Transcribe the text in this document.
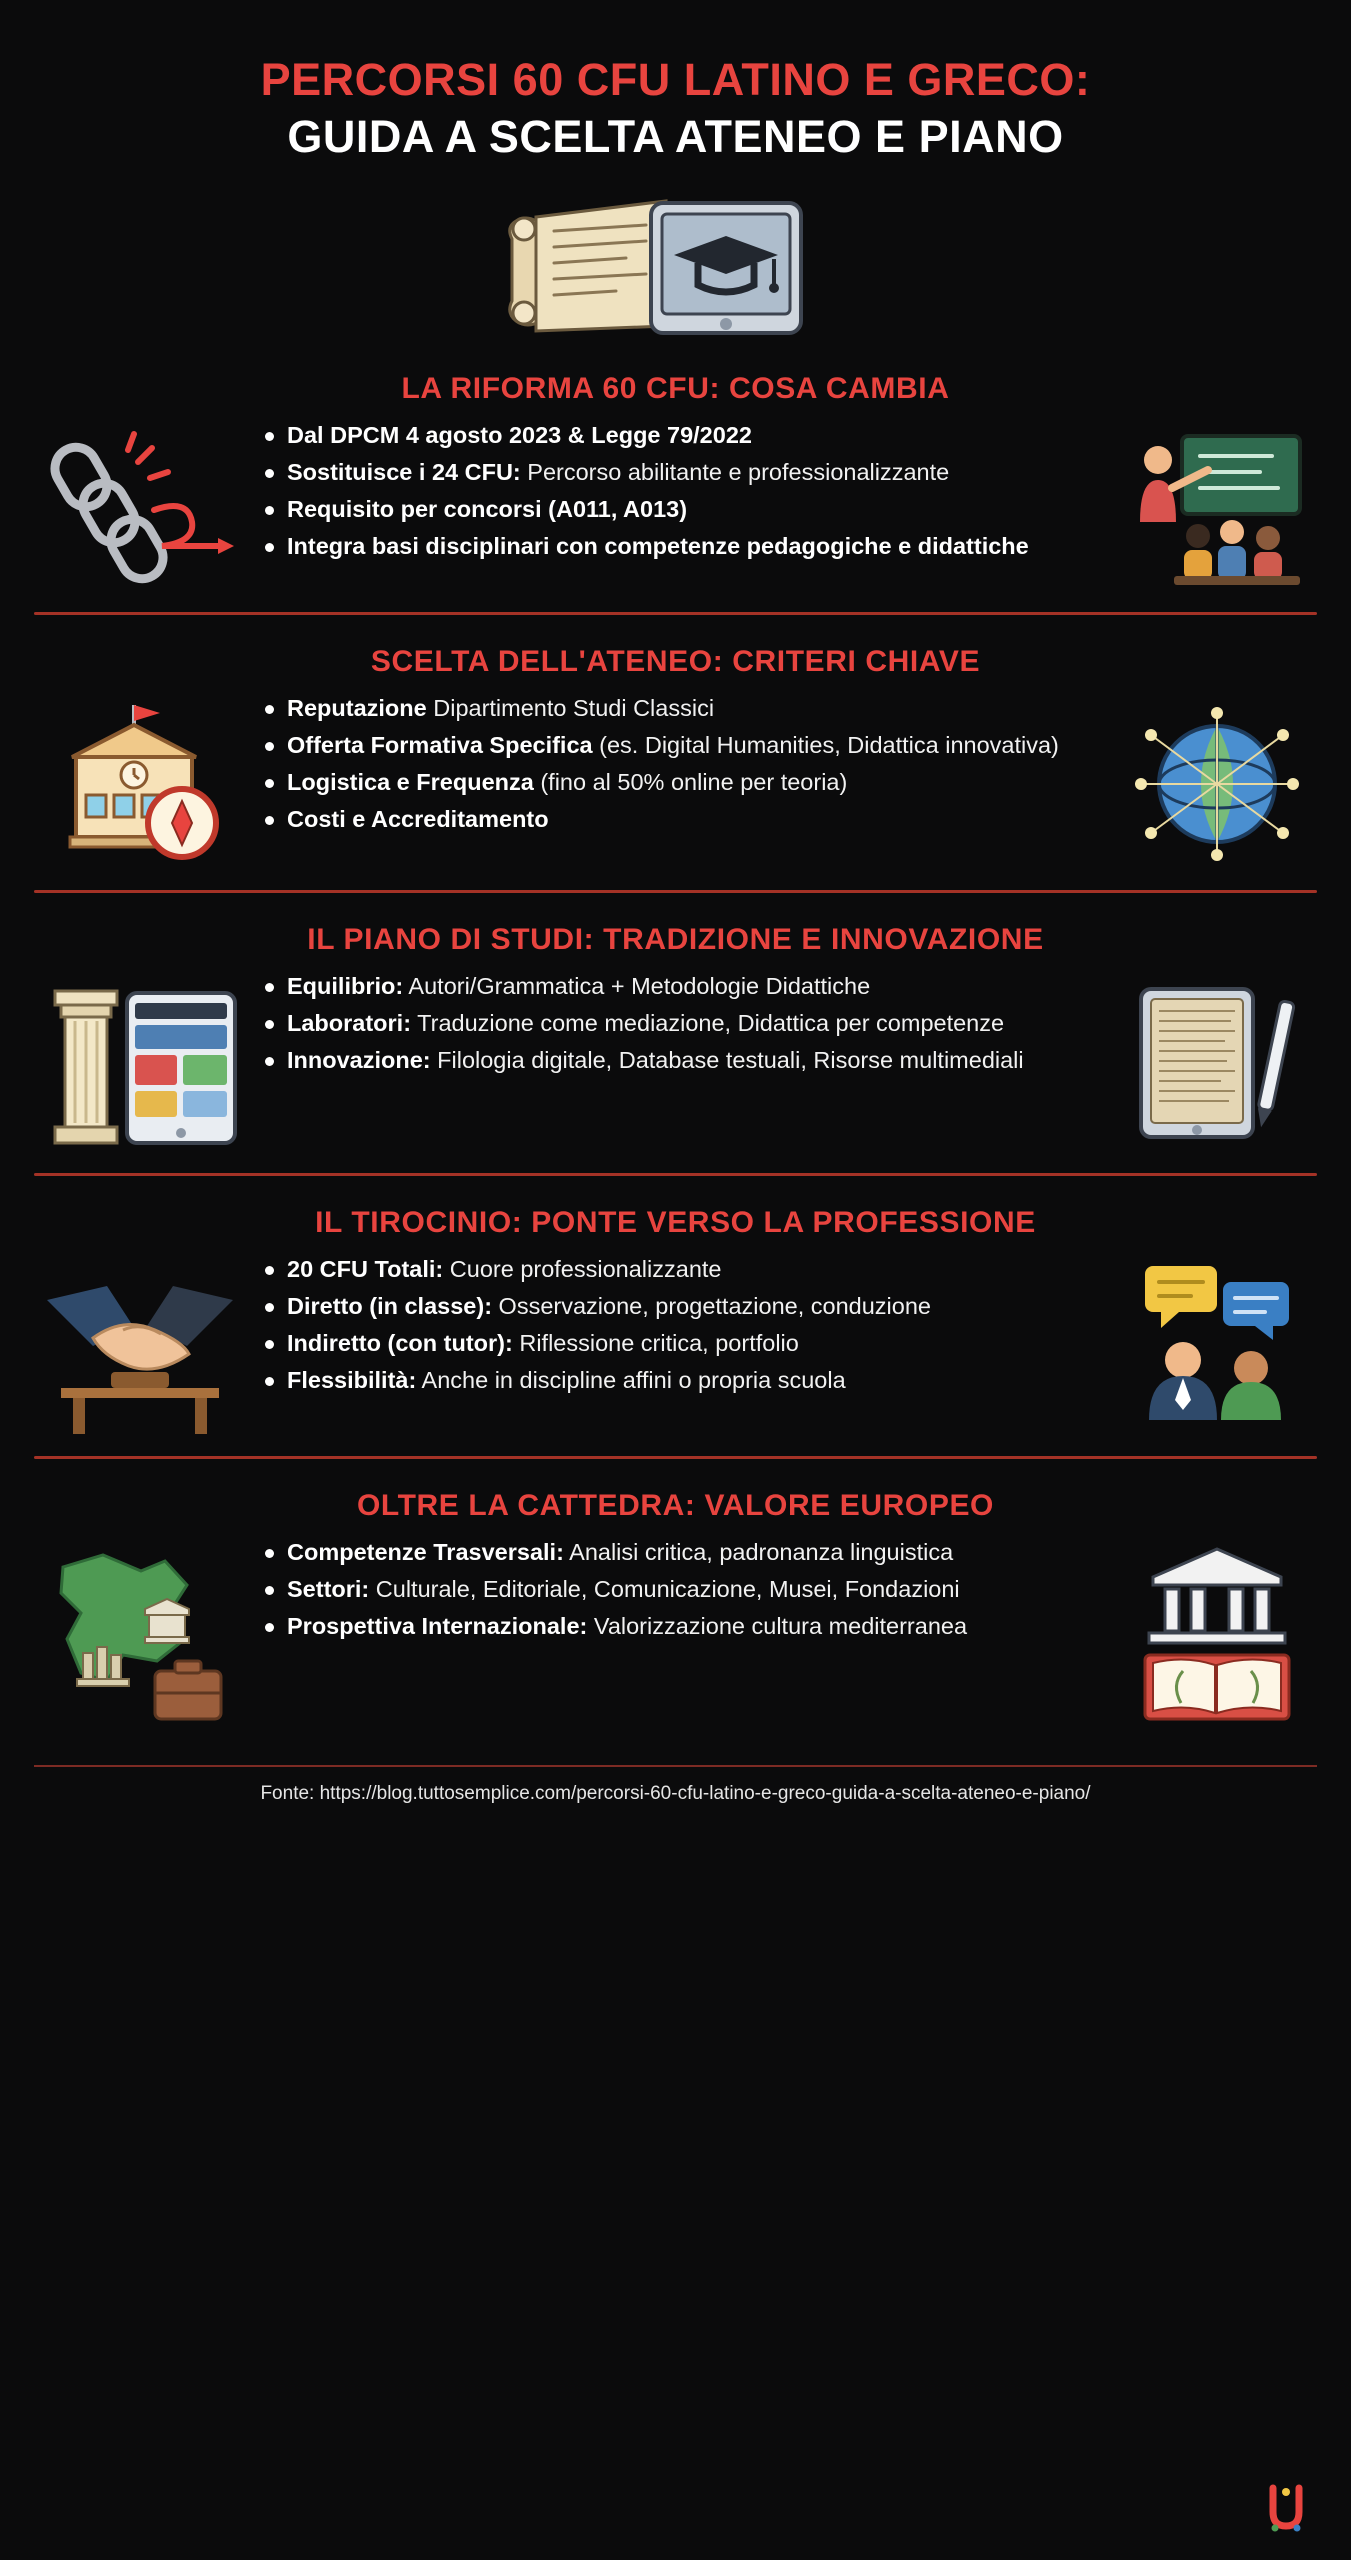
PERCORSI 60 CFU LATINO E GRECO:
GUIDA A SCELTA ATENEO E PIANO
LA RIFORMA 60 CFU: COSA CAMBIA
Dal DPCM 4 agosto 2023 & Legge 79/2022
Sostituisce i 24 CFU: Percorso abilitante e professionalizzante
Requisito per concorsi (A011, A013)
Integra basi disciplinari con competenze pedagogiche e didattiche
SCELTA DELL'ATENEO: CRITERI CHIAVE
Reputazione Dipartimento Studi Classici
Offerta Formativa Specifica (es. Digital Humanities, Didattica innovativa)
Logistica e Frequenza (fino al 50% online per teoria)
Costi e Accreditamento
IL PIANO DI STUDI: TRADIZIONE E INNOVAZIONE
Equilibrio: Autori/Grammatica + Metodologie Didattiche
Laboratori: Traduzione come mediazione, Didattica per competenze
Innovazione: Filologia digitale, Database testuali, Risorse multimediali
IL TIROCINIO: PONTE VERSO LA PROFESSIONE
20 CFU Totali: Cuore professionalizzante
Diretto (in classe): Osservazione, progettazione, conduzione
Indiretto (con tutor): Riflessione critica, portfolio
Flessibilità: Anche in discipline affini o propria scuola
OLTRE LA CATTEDRA: VALORE EUROPEO
Competenze Trasversali: Analisi critica, padronanza linguistica
Settori: Culturale, Editoriale, Comunicazione, Musei, Fondazioni
Prospettiva Internazionale: Valorizzazione cultura mediterranea
Fonte: https://blog.tuttosemplice.com/percorsi-60-cfu-latino-e-greco-guida-a-scelta-ateneo-e-piano/
